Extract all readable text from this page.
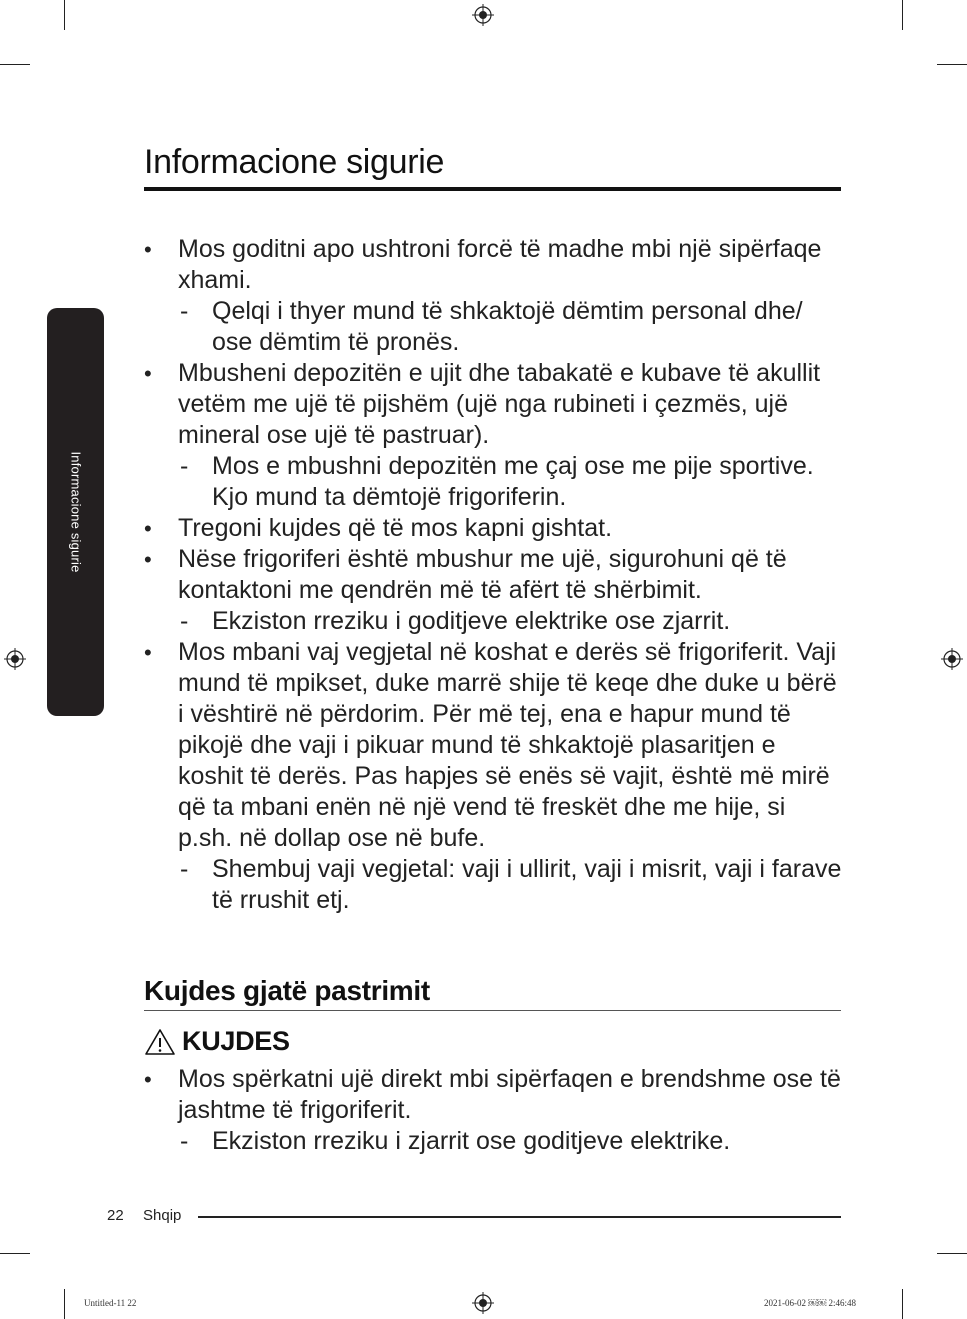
Informacione sigurie
Informacione sigurie
• Mos goditni apo ushtroni forcë të madhe mbi një sipërfaqe xhami.
- Qelqi i thyer mund të shkaktojë dëmtim personal dhe/ ose dëmtim të pronës.
• Mbusheni depozitën e ujit dhe tabakatë e kubave të akullit vetëm me ujë të pijshëm (ujë nga rubineti i çezmës, ujë mineral ose ujë të pastruar).
- Mos e mbushni depozitën me çaj ose me pije sportive. Kjo mund ta dëmtojë frigoriferin.
• Tregoni kujdes që të mos kapni gishtat.
• Nëse frigoriferi është mbushur me ujë, sigurohuni që të kontaktoni me qendrën më të afërt të shërbimit.
- Ekziston rreziku i goditjeve elektrike ose zjarrit.
• Mos mbani vaj vegjetal në koshat e derës së frigoriferit. Vaji mund të mpikset, duke marrë shije të keqe dhe duke u bërë i vështirë në përdorim. Për më tej, ena e hapur mund të pikojë dhe vaji i pikuar mund të shkaktojë plasaritjen e koshit të derës. Pas hapjes së enës së vajit, është më mirë që ta mbani enën në një vend të freskët dhe me hije, si p.sh. në dollap ose në bufe.
- Shembuj vaji vegjetal: vaji i ullirit, vaji i misrit, vaji i farave të rrushit etj.
Kujdes gjatë pastrimit
KUJDES
• Mos spërkatni ujë direkt mbi sipërfaqen e brendshme ose të jashtme të frigoriferit.
- Ekziston rreziku i zjarrit ose goditjeve elektrike.
22 Shqip
Untitled-11 22	2021-06-02 ￼￼ 2:46:48
